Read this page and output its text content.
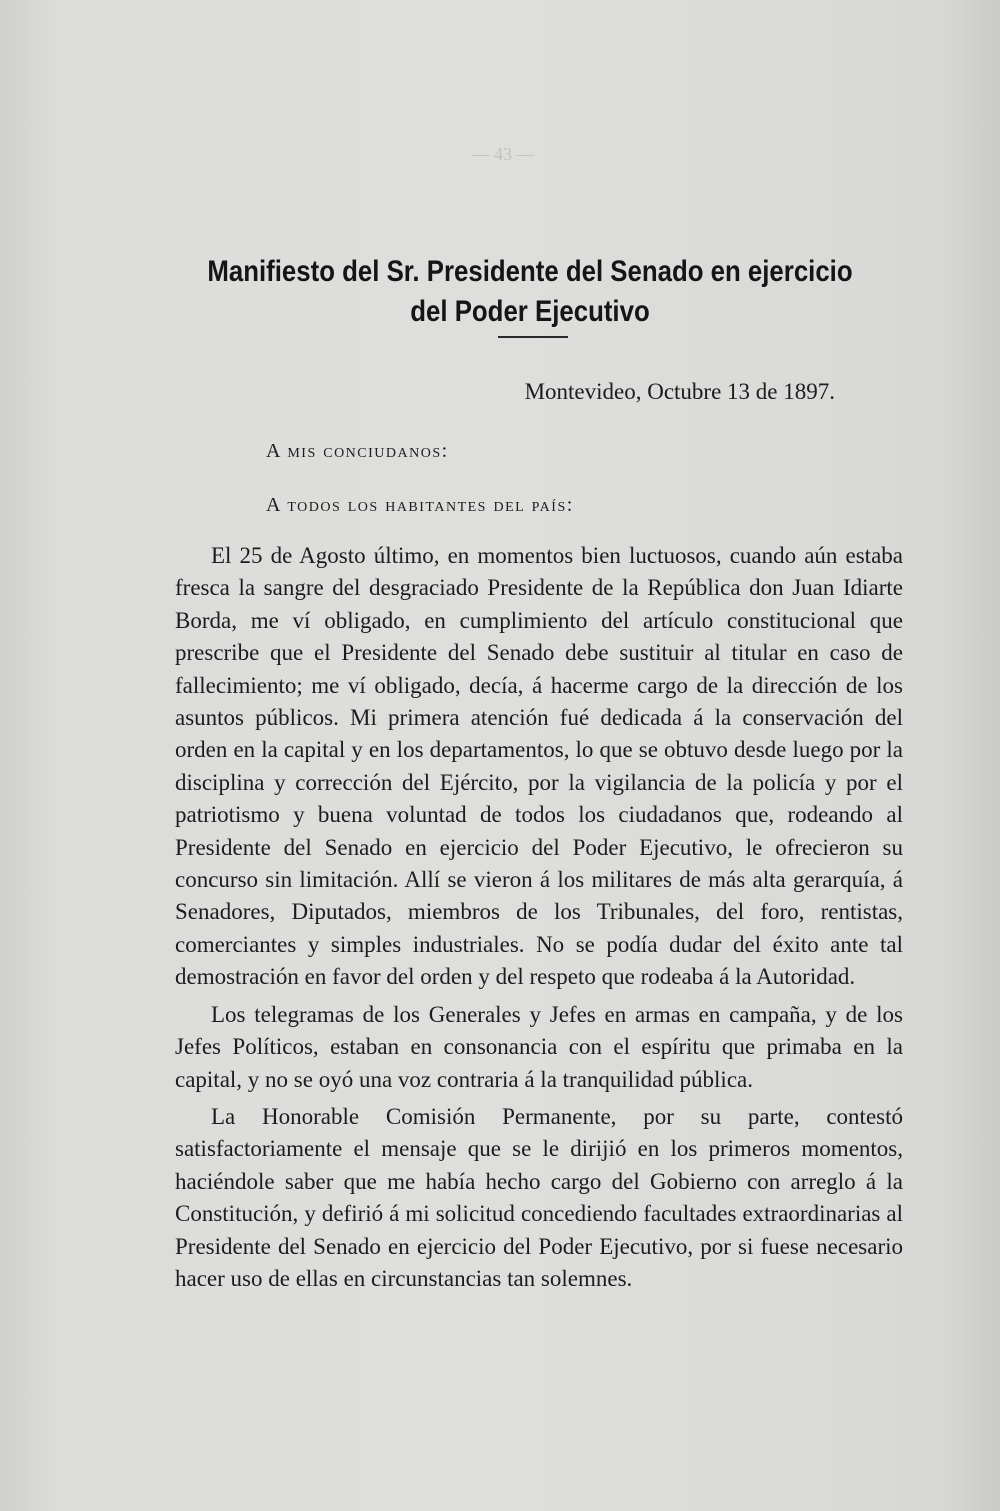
— 43 —
Manifiesto del Sr. Presidente del Senado en ejercicio
del Poder Ejecutivo
Montevideo, Octubre 13 de 1897.
A mis conciudanos:
A todos los habitantes del país:

El 25 de Agosto último, en momentos bien luctuosos, cuando aún estaba fresca la sangre del desgraciado Presidente de la República don Juan Idiarte Borda, me ví obligado, en cumplimiento del artículo constitucional que prescribe que el Presidente del Senado debe sustituir al titular en caso de fallecimiento; me ví obligado, decía, á hacerme cargo de la dirección de los asuntos públicos. Mi primera atención fué dedicada á la conservación del orden en la capital y en los departamentos, lo que se obtuvo desde luego por la disciplina y corrección del Ejército, por la vigilancia de la policía y por el patriotismo y buena voluntad de todos los ciudadanos que, rodeando al Presidente del Senado en ejercicio del Poder Ejecutivo, le ofrecieron su concurso sin limitación. Allí se vieron á los militares de más alta gerarquía, á Senadores, Diputados, miembros de los Tribunales, del foro, rentistas, comerciantes y simples industriales. No se podía dudar del éxito ante tal demostración en favor del orden y del respeto que rodeaba á la Autoridad.

Los telegramas de los Generales y Jefes en armas en campaña, y de los Jefes Políticos, estaban en consonancia con el espíritu que primaba en la capital, y no se oyó una voz contraria á la tranquilidad pública.

La Honorable Comisión Permanente, por su parte, contestó satisfactoriamente el mensaje que se le dirijió en los primeros momentos, haciéndole saber que me había hecho cargo del Gobierno con arreglo á la Constitución, y defirió á mi solicitud concediendo facultades extraordinarias al Presidente del Senado en ejercicio del Poder Ejecutivo, por si fuese necesario hacer uso de ellas en circunstancias tan solemnes.
